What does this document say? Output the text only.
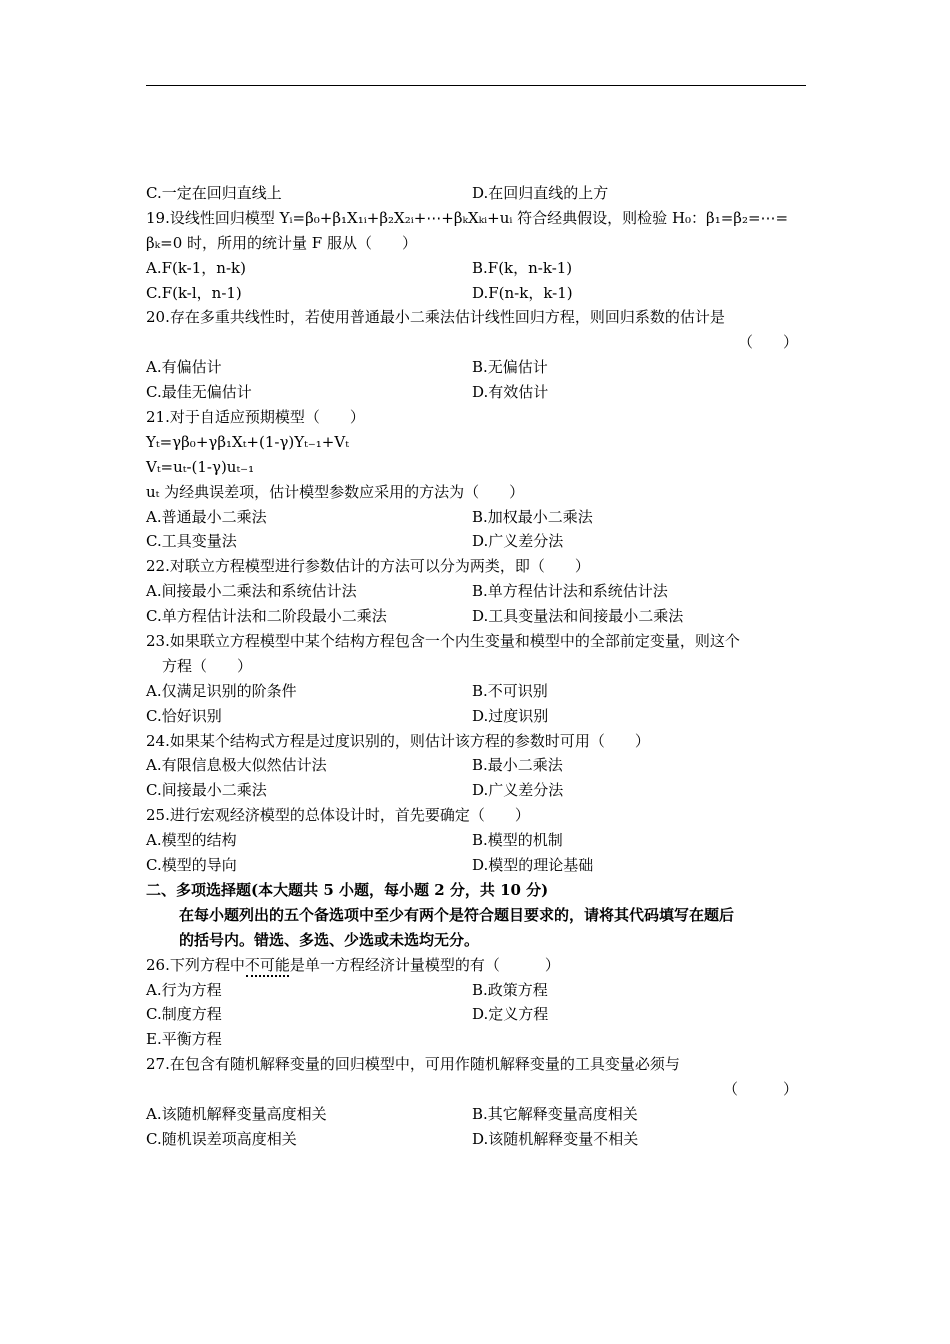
C.一定在回归直线上	D.在回归直线的上方
19.设线性回归模型 Yᵢ=β₀+β₁X₁ᵢ+β₂X₂ᵢ+⋯+βₖXₖᵢ+uᵢ 符合经典假设，则检验 H₀：β₁=β₂=⋯=
βₖ=0 时，所用的统计量 F 服从（　　）
A.F(k-1，n-k)	B.F(k，n-k-1)
C.F(k-l，n-1)	D.F(n-k，k-1)
20.存在多重共线性时，若使用普通最小二乘法估计线性回归方程，则回归系数的估计是
（　　）
A.有偏估计	B.无偏估计
C.最佳无偏估计	D.有效估计
21.对于自适应预期模型（　　）
Yₜ=γβ₀+γβ₁Xₜ+(1-γ)Yₜ₋₁+Vₜ
Vₜ=uₜ-(1-γ)uₜ₋₁
uₜ 为经典误差项，估计模型参数应采用的方法为（　　）
A.普通最小二乘法	B.加权最小二乘法
C.工具变量法	D.广义差分法
22.对联立方程模型进行参数估计的方法可以分为两类，即（　　）
A.间接最小二乘法和系统估计法	B.单方程估计法和系统估计法
C.单方程估计法和二阶段最小二乘法	D.工具变量法和间接最小二乘法
23.如果联立方程模型中某个结构方程包含一个内生变量和模型中的全部前定变量，则这个
方程（　　）
A.仅满足识别的阶条件	B.不可识别
C.恰好识别	D.过度识别
24.如果某个结构式方程是过度识别的，则估计该方程的参数时可用（　　）
A.有限信息极大似然估计法	B.最小二乘法
C.间接最小二乘法	D.广义差分法
25.进行宏观经济模型的总体设计时，首先要确定（　　）
A.模型的结构	B.模型的机制
C.模型的导向	D.模型的理论基础
二、多项选择题(本大题共 5 小题，每小题 2 分，共 10 分)
在每小题列出的五个备选项中至少有两个是符合题目要求的，请将其代码填写在题后
的括号内。错选、多选、少选或未选均无分。
26.下列方程中不可能是单一方程经济计量模型的有（　　　）
A.行为方程	B.政策方程
C.制度方程	D.定义方程
E.平衡方程
27.在包含有随机解释变量的回归模型中，可用作随机解释变量的工具变量必须与
（　　　）
A.该随机解释变量高度相关	B.其它解释变量高度相关
C.随机误差项高度相关	D.该随机解释变量不相关
